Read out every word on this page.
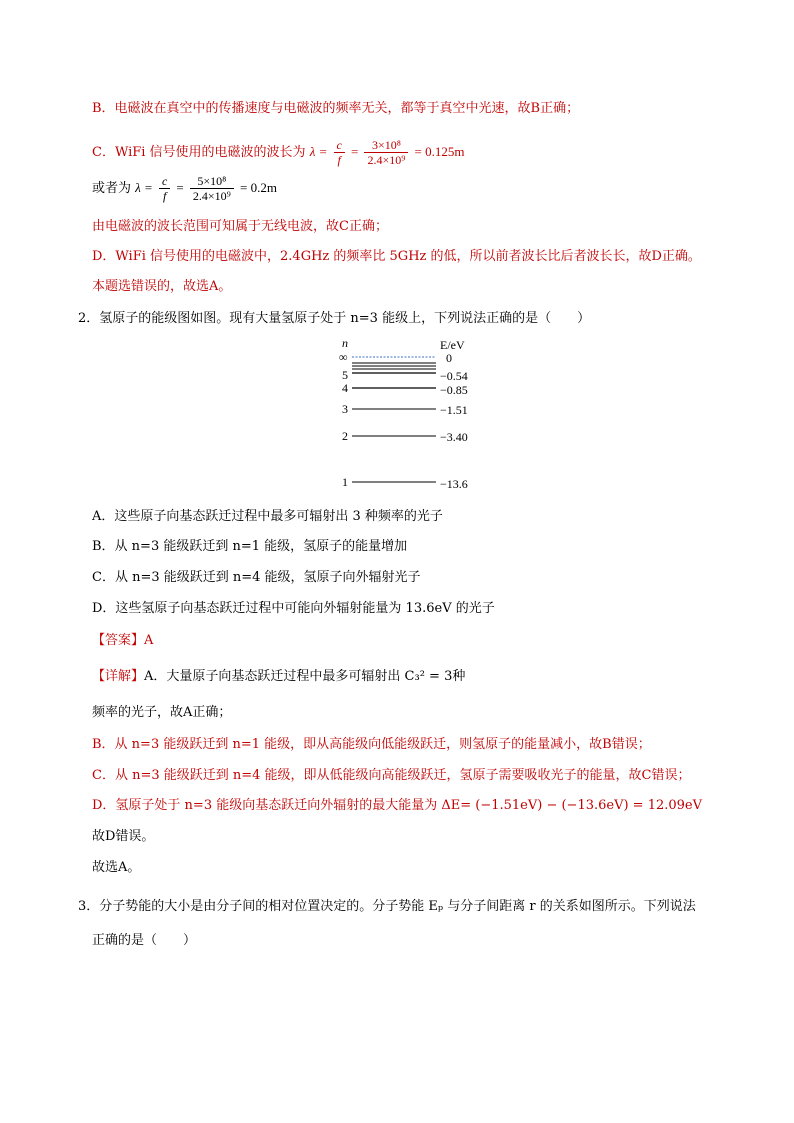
B．电磁波在真空中的传播速度与电磁波的频率无关，都等于真空中光速，故B正确；
C．WiFi 信号使用的电磁波的波长为 $\lambda = \frac{c}{f} = \frac{\text{3×10⁸}}{\text{2.4×10⁹}} = 0.125m$
或者为 $\lambda = \frac{c}{f} = \frac{\text{5×10⁸}}{\text{2.4×10⁹}} = 0.2m$
由电磁波的波长范围可知属于无线电波，故C正确；
D．WiFi 信号使用的电磁波中，2.4GHz 的频率比 5GHz 的低，所以前者波长比后者波长长，故D正确。
本题选错误的，故选A。
2．氢原子的能级图如图。现有大量氢原子处于 n=3 能级上，下列说法正确的是（　　）
n	E/eV
∞	0
5	−0.54
4	−0.85
3	−1.51
2	−3.40
1	−13.6
A．这些原子向基态跃迁过程中最多可辐射出 3 种频率的光子
B．从 n=3 能级跃迁到 n=1 能级，氢原子的能量增加
C．从 n=3 能级跃迁到 n=4 能级，氢原子向外辐射光子
D．这些氢原子向基态跃迁过程中可能向外辐射能量为 13.6eV 的光子
【答案】A
【详解】A．大量原子向基态跃迁过程中最多可辐射出 C₃² = 3种
频率的光子，故A正确；
B．从 n=3 能级跃迁到 n=1 能级，即从高能级向低能级跃迁，则氢原子的能量减小，故B错误；
C．从 n=3 能级跃迁到 n=4 能级，即从低能级向高能级跃迁，氢原子需要吸收光子的能量，故C错误；
D．氢原子处于 n=3 能级向基态跃迁向外辐射的最大能量为 ΔE= (−1.51eV) − (−13.6eV) = 12.09eV
故D错误。
故选A。
3．分子势能的大小是由分子间的相对位置决定的。分子势能 Eₚ 与分子间距离 r 的关系如图所示。下列说法
正确的是（　　）
